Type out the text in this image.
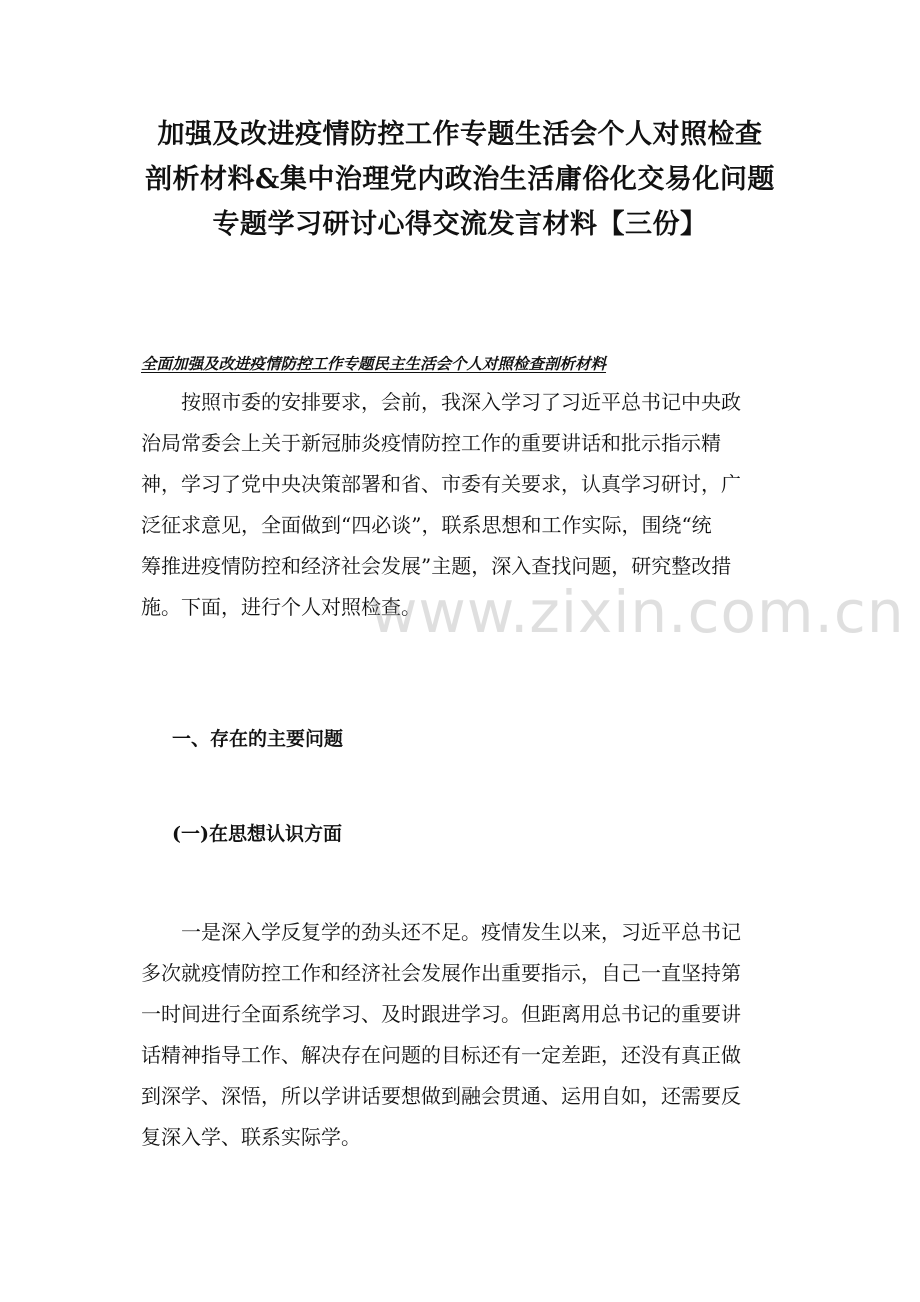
加强及改进疫情防控工作专题生活会个人对照检查
剖析材料&集中治理党内政治生活庸俗化交易化问题
专题学习研讨心得交流发言材料【三份】

全面加强及改进疫情防控工作专题民主生活会个人对照检查剖析材料

　　按照市委的安排要求，会前，我深入学习了习近平总书记中央政
治局常委会上关于新冠肺炎疫情防控工作的重要讲话和批示指示精
神，学习了党中央决策部署和省、市委有关要求，认真学习研讨，广
泛征求意见，全面做到“四必谈”，联系思想和工作实际，围绕“统
筹推进疫情防控和经济社会发展”主题，深入查找问题，研究整改措
施。下面，进行个人对照检查。
一、存在的主要问题
(一)在思想认识方面
　　一是深入学反复学的劲头还不足。疫情发生以来，习近平总书记
多次就疫情防控工作和经济社会发展作出重要指示，自己一直坚持第
一时间进行全面系统学习、及时跟进学习。但距离用总书记的重要讲
话精神指导工作、解决存在问题的目标还有一定差距，还没有真正做
到深学、深悟，所以学讲话要想做到融会贯通、运用自如，还需要反
复深入学、联系实际学。
www.zixin.com.cn
